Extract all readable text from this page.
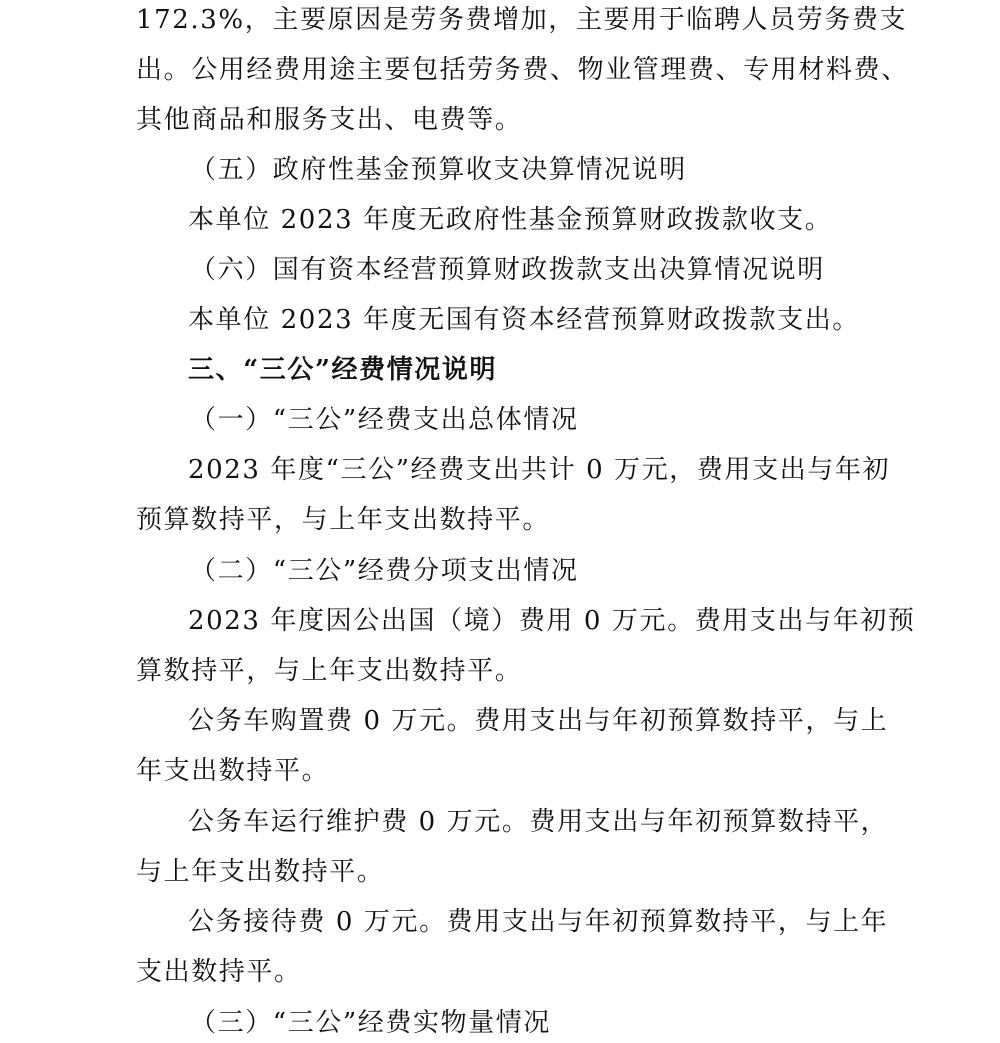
172.3%，主要原因是劳务费增加，主要用于临聘人员劳务费支
出。公用经费用途主要包括劳务费、物业管理费、专用材料费、
其他商品和服务支出、电费等。
（五）政府性基金预算收支决算情况说明
本单位 2023 年度无政府性基金预算财政拨款收支。
（六）国有资本经营预算财政拨款支出决算情况说明
本单位 2023 年度无国有资本经营预算财政拨款支出。
三、“三公”经费情况说明
（一）“三公”经费支出总体情况
2023 年度“三公”经费支出共计 0 万元，费用支出与年初
预算数持平，与上年支出数持平。
（二）“三公”经费分项支出情况
2023 年度因公出国（境）费用 0 万元。费用支出与年初预
算数持平，与上年支出数持平。
公务车购置费 0 万元。费用支出与年初预算数持平，与上
年支出数持平。
公务车运行维护费 0 万元。费用支出与年初预算数持平，
与上年支出数持平。
公务接待费 0 万元。费用支出与年初预算数持平，与上年
支出数持平。
（三）“三公”经费实物量情况
